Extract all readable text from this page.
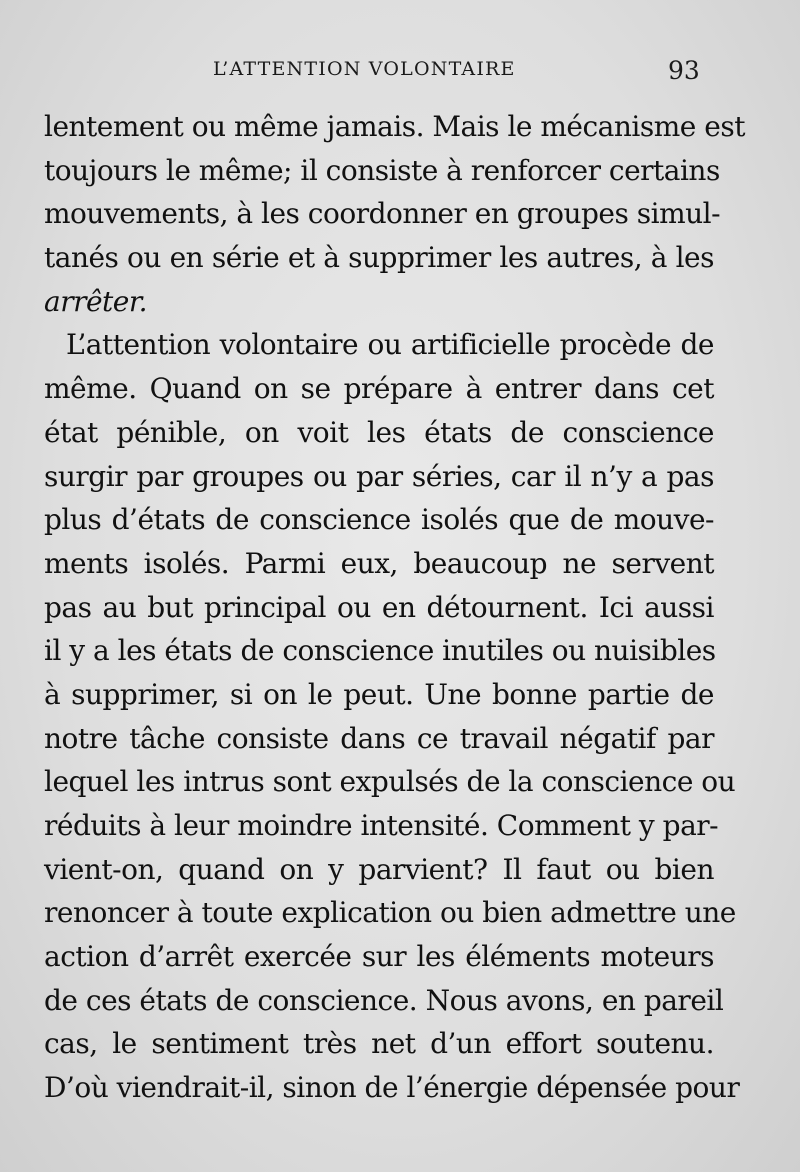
L’ATTENTION VOLONTAIRE	93
lentement ou même jamais. Mais le mécanisme est
toujours le même; il consiste à renforcer certains
mouvements, à les coordonner en groupes simul-
tanés ou en série et à supprimer les autres, à les
arrêter.
L’attention volontaire ou artificielle procède de
même. Quand on se prépare à entrer dans cet
état pénible, on voit les états de conscience
surgir par groupes ou par séries, car il n’y a pas
plus d’états de conscience isolés que de mouve-
ments isolés. Parmi eux, beaucoup ne servent
pas au but principal ou en détournent. Ici aussi
il y a les états de conscience inutiles ou nuisibles
à supprimer, si on le peut. Une bonne partie de
notre tâche consiste dans ce travail négatif par
lequel les intrus sont expulsés de la conscience ou
réduits à leur moindre intensité. Comment y par-
vient-on, quand on y parvient? Il faut ou bien
renoncer à toute explication ou bien admettre une
action d’arrêt exercée sur les éléments moteurs
de ces états de conscience. Nous avons, en pareil
cas, le sentiment très net d’un effort soutenu.
D’où viendrait-il, sinon de l’énergie dépensée pour
